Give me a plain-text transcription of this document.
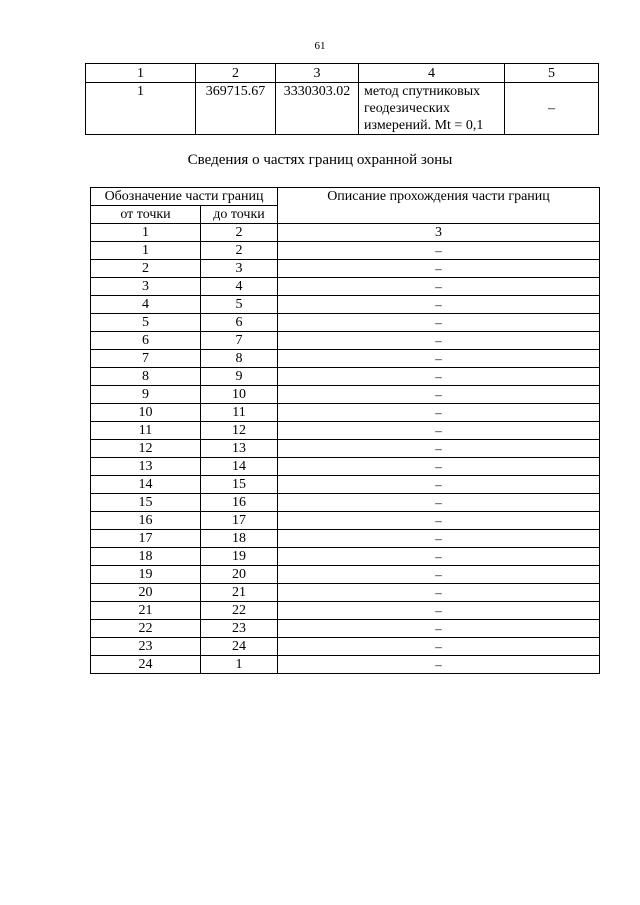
61
1	2	3	4	5
1	369715.67	3330303.02	метод спутниковых геодезических измерений. Mt = 0,1	–
Сведения о частях границ охранной зоны
Обозначение части границ		Описание прохождения части границ
от точки	до точки	
1	2	3
1	2	–
2	3	–
3	4	–
4	5	–
5	6	–
6	7	–
7	8	–
8	9	–
9	10	–
10	11	–
11	12	–
12	13	–
13	14	–
14	15	–
15	16	–
16	17	–
17	18	–
18	19	–
19	20	–
20	21	–
21	22	–
22	23	–
23	24	–
24	1	–
